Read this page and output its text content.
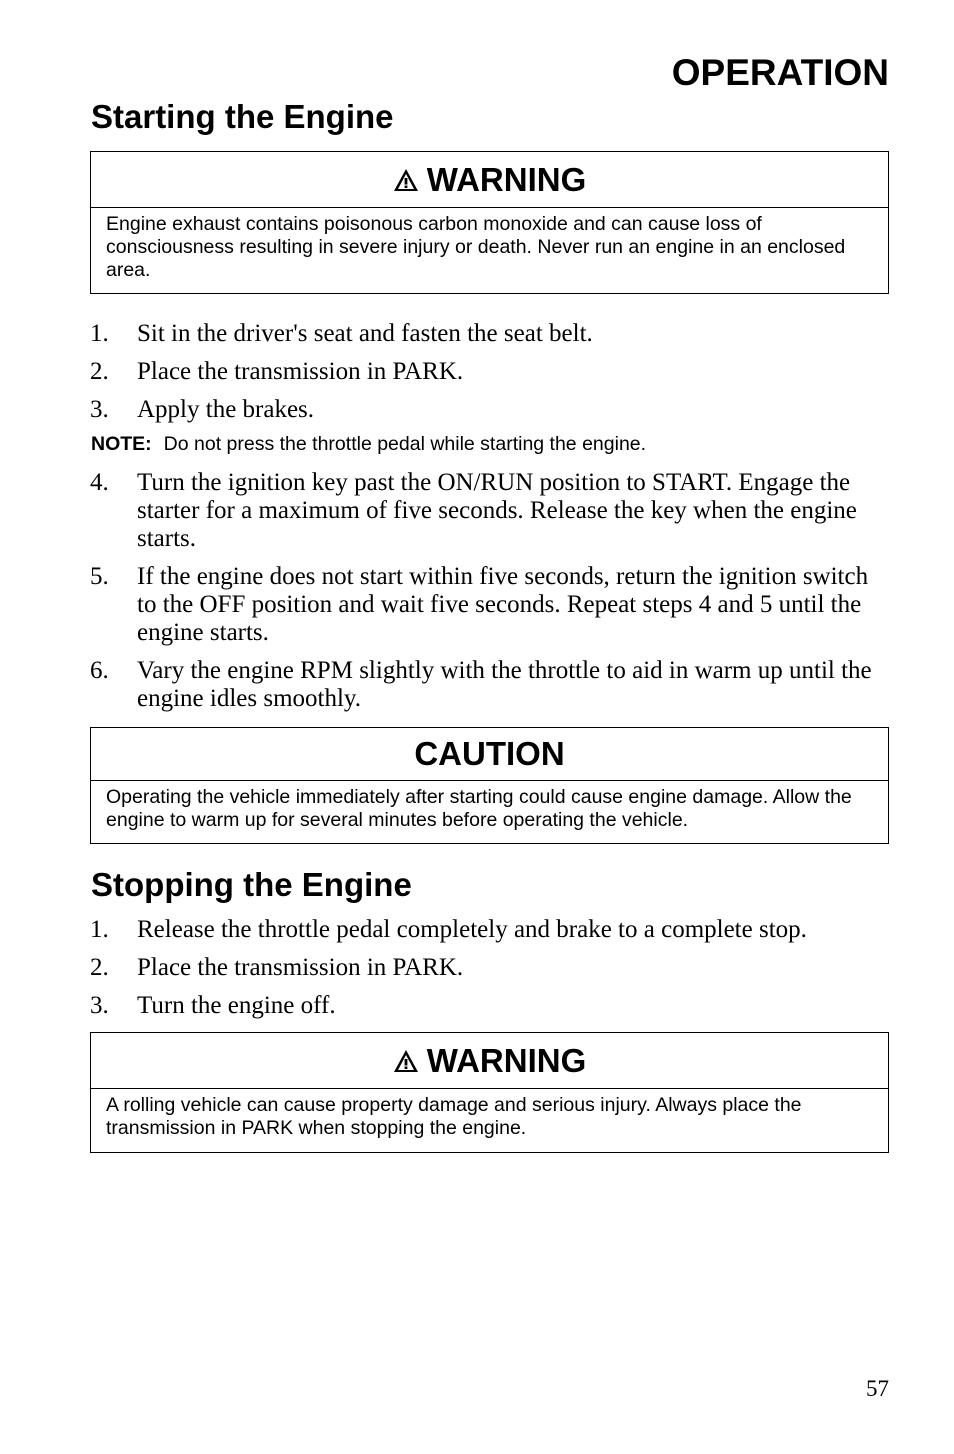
OPERATION
Starting the Engine
WARNING
Engine exhaust contains poisonous carbon monoxide and can cause loss of consciousness resulting in severe injury or death. Never run an engine in an enclosed area.
1. Sit in the driver's seat and fasten the seat belt.
2. Place the transmission in PARK.
3. Apply the brakes.
NOTE: Do not press the throttle pedal while starting the engine.
4. Turn the ignition key past the ON/RUN position to START. Engage the starter for a maximum of five seconds. Release the key when the engine starts.
5. If the engine does not start within five seconds, return the ignition switch to the OFF position and wait five seconds. Repeat steps 4 and 5 until the engine starts.
6. Vary the engine RPM slightly with the throttle to aid in warm up until the engine idles smoothly.
CAUTION
Operating the vehicle immediately after starting could cause engine damage. Allow the engine to warm up for several minutes before operating the vehicle.
Stopping the Engine
1. Release the throttle pedal completely and brake to a complete stop.
2. Place the transmission in PARK.
3. Turn the engine off.
WARNING
A rolling vehicle can cause property damage and serious injury. Always place the transmission in PARK when stopping the engine.
57
